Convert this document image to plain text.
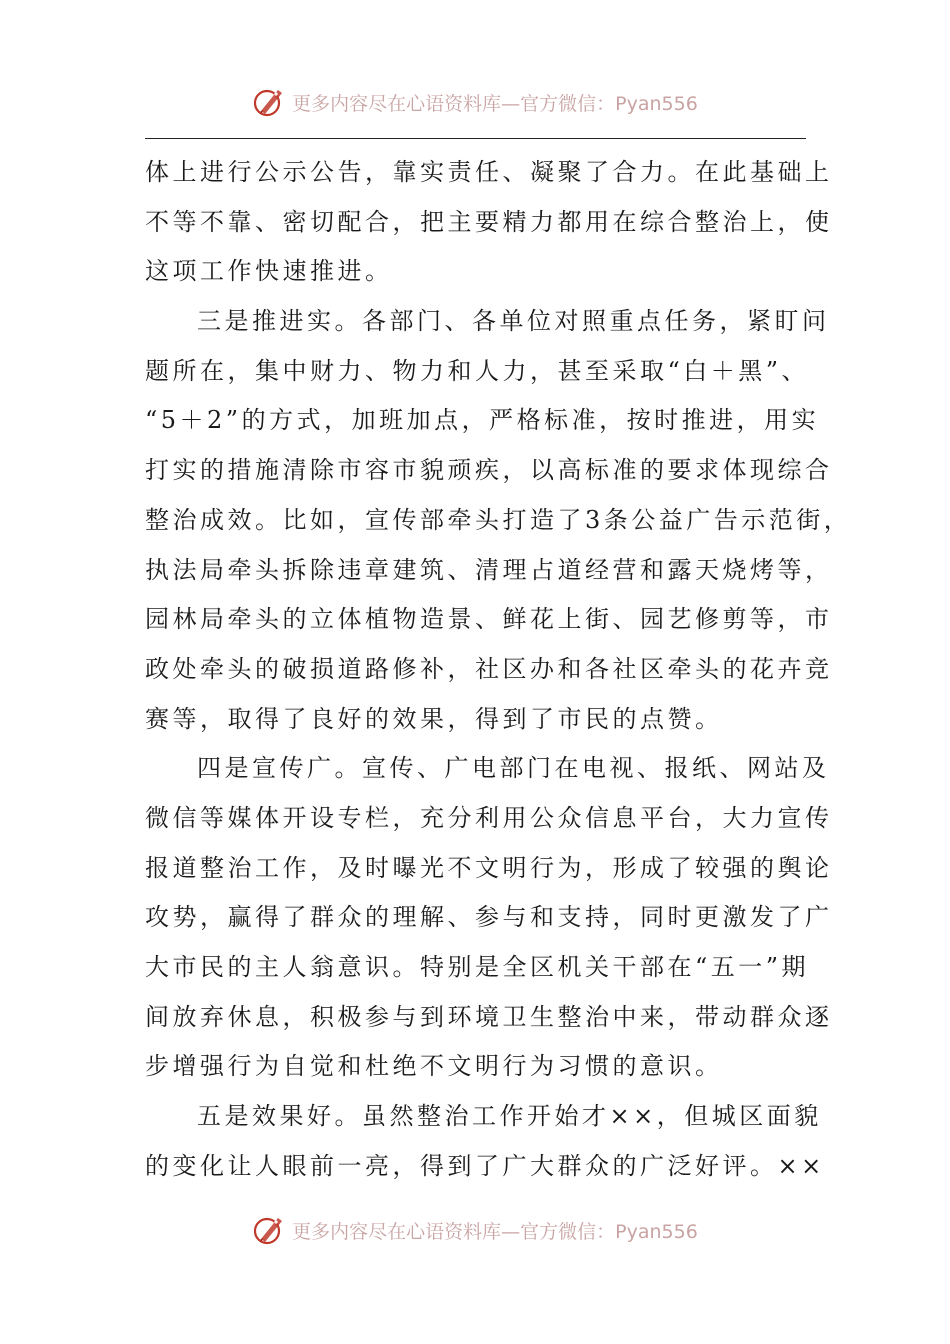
更多内容尽在心语资料库—官方微信：Pyan556
体上进行公示公告，靠实责任、凝聚了合力。在此基础上
不等不靠、密切配合，把主要精力都用在综合整治上，使
这项工作快速推进。
三是推进实。各部门、各单位对照重点任务，紧盯问
题所在，集中财力、物力和人力，甚至采取“白＋黑”、
“5＋2”的方式，加班加点，严格标准，按时推进，用实
打实的措施清除市容市貌顽疾，以高标准的要求体现综合
整治成效。比如，宣传部牵头打造了3条公益广告示范街，
执法局牵头拆除违章建筑、清理占道经营和露天烧烤等，
园林局牵头的立体植物造景、鲜花上街、园艺修剪等，市
政处牵头的破损道路修补，社区办和各社区牵头的花卉竞
赛等，取得了良好的效果，得到了市民的点赞。
四是宣传广。宣传、广电部门在电视、报纸、网站及
微信等媒体开设专栏，充分利用公众信息平台，大力宣传
报道整治工作，及时曝光不文明行为，形成了较强的舆论
攻势，赢得了群众的理解、参与和支持，同时更激发了广
大市民的主人翁意识。特别是全区机关干部在“五一”期
间放弃休息，积极参与到环境卫生整治中来，带动群众逐
步增强行为自觉和杜绝不文明行为习惯的意识。
五是效果好。虽然整治工作开始才××，但城区面貌
的变化让人眼前一亮，得到了广大群众的广泛好评。××
更多内容尽在心语资料库—官方微信：Pyan556
